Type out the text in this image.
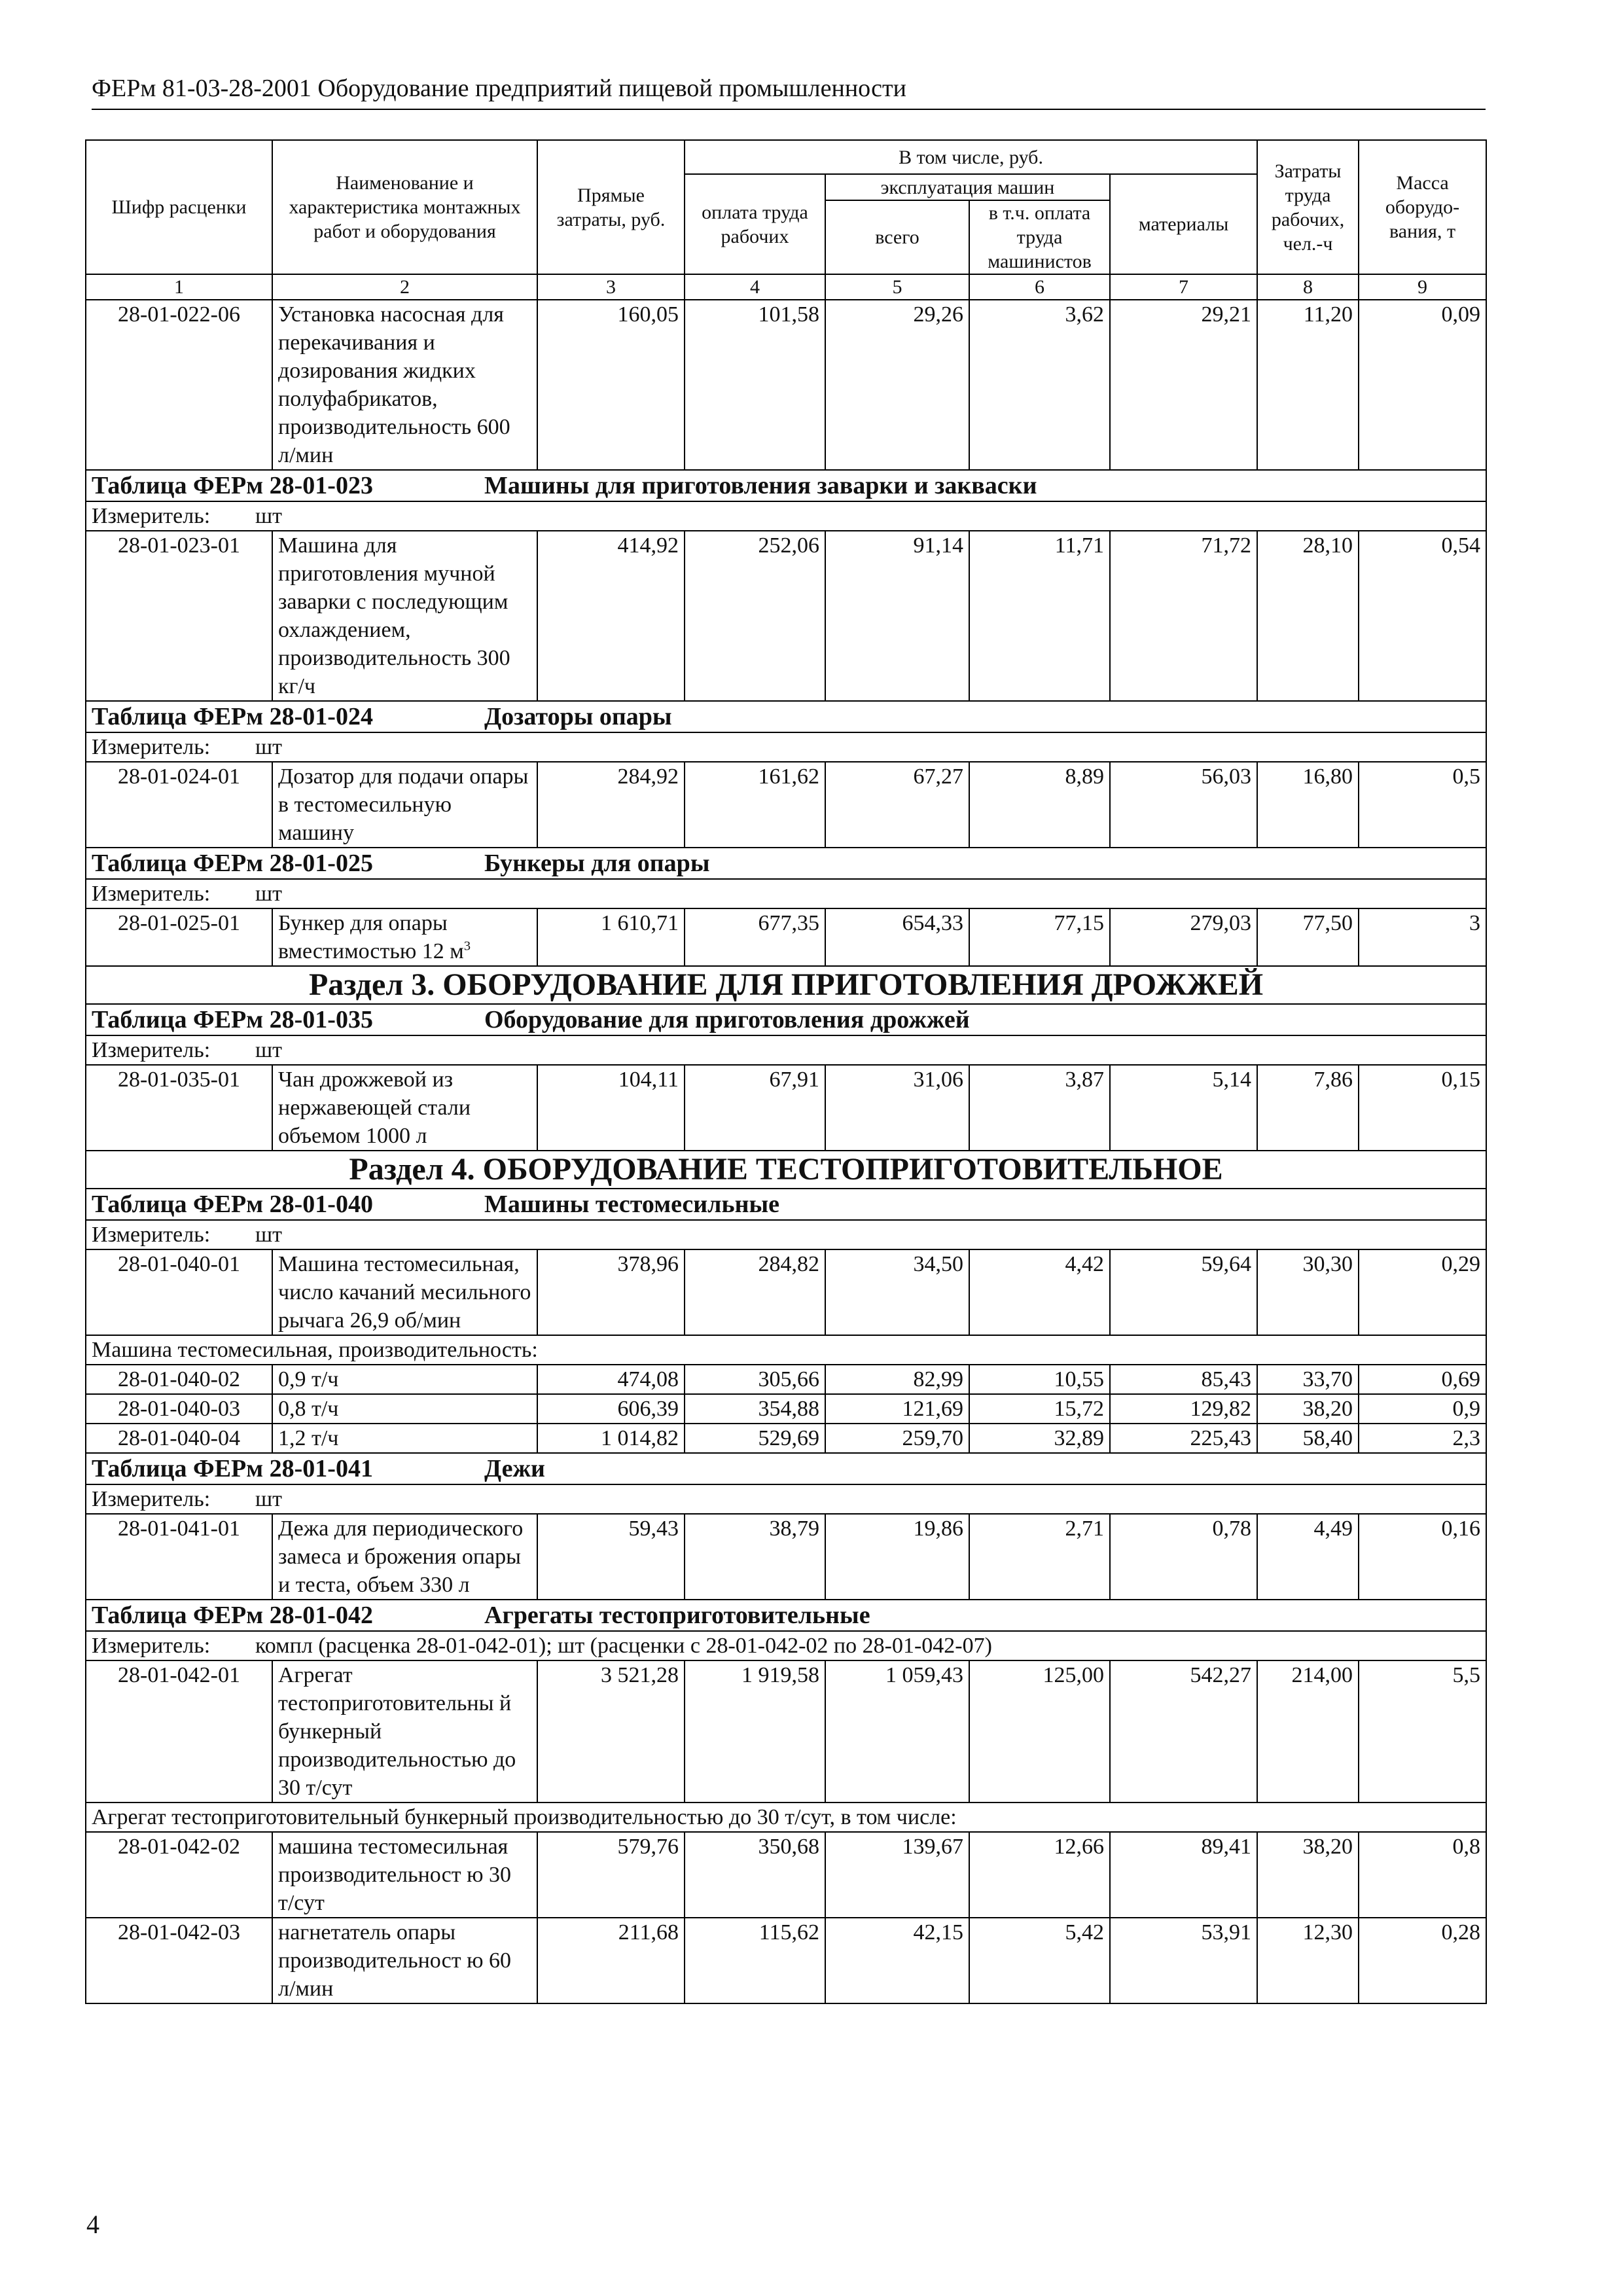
ФЕРм 81-03-28-2001 Оборудование предприятий пищевой промышленности
Шифр расценки	Наименование и характеристика монтажных работ и оборудования	Прямые затраты, руб.	В том числе, руб.				Затраты труда рабочих, чел.-ч	Масса оборудо-вания, т
			оплата труда рабочих	эксплуатация машин		материалы		
				всего	в т.ч. оплата труда машинистов			
1	2	3	4	5	6	7	8	9
28-01-022-06	Установка насосная для перекачивания и дозирования жидких полуфабрикатов, производительность 600 л/мин	160,05	101,58	29,26	3,62	29,21	11,20	0,09
Таблица ФЕРм 28-01-023 Машины для приготовления заварки и закваски								
Измеритель: шт								
28-01-023-01	Машина для приготовления мучной заварки с последующим охлаждением, производительность 300 кг/ч	414,92	252,06	91,14	11,71	71,72	28,10	0,54
Таблица ФЕРм 28-01-024 Дозаторы опары								
Измеритель: шт								
28-01-024-01	Дозатор для подачи опары в тестомесильную машину	284,92	161,62	67,27	8,89	56,03	16,80	0,5
Таблица ФЕРм 28-01-025 Бункеры для опары								
Измеритель: шт								
28-01-025-01	Бункер для опары вместимостью 12 $м^3$	1 610,71	677,35	654,33	77,15	279,03	77,50	3
Раздел 3. ОБОРУДОВАНИЕ ДЛЯ ПРИГОТОВЛЕНИЯ ДРОЖЖЕЙ								
Таблица ФЕРм 28-01-035 Оборудование для приготовления дрожжей								
Измеритель: шт								
28-01-035-01	Чан дрожжевой из нержавеющей стали объемом 1000 л	104,11	67,91	31,06	3,87	5,14	7,86	0,15
Раздел 4. ОБОРУДОВАНИЕ ТЕСТОПРИГОТОВИТЕЛЬНОЕ								
Таблица ФЕРм 28-01-040 Машины тестомесильные								
Измеритель: шт								
28-01-040-01	Машина тестомесильная, число качаний месильного рычага 26,9 об/мин	378,96	284,82	34,50	4,42	59,64	30,30	0,29
Машина тестомесильная, производительность:								
28-01-040-02	0,9 т/ч	474,08	305,66	82,99	10,55	85,43	33,70	0,69
28-01-040-03	0,8 т/ч	606,39	354,88	121,69	15,72	129,82	38,20	0,9
28-01-040-04	1,2 т/ч	1 014,82	529,69	259,70	32,89	225,43	58,40	2,3
Таблица ФЕРм 28-01-041 Дежи								
Измеритель: шт								
28-01-041-01	Дежа для периодического замеса и брожения опары и теста, объем 330 л	59,43	38,79	19,86	2,71	0,78	4,49	0,16
Таблица ФЕРм 28-01-042 Агрегаты тестоприготовительные								
Измеритель: компл (расценка 28-01-042-01); шт (расценки с 28-01-042-02 по 28-01-042-07)								
28-01-042-01	Агрегат тестоприготовительны й бункерный производительностью до 30 т/сут	3 521,28	1 919,58	1 059,43	125,00	542,27	214,00	5,5
Агрегат тестоприготовительный бункерный производительностью до 30 т/сут, в том числе:								
28-01-042-02	машина тестомесильная производительност ю 30 т/сут	579,76	350,68	139,67	12,66	89,41	38,20	0,8
28-01-042-03	нагнетатель опары производительност ю 60 л/мин	211,68	115,62	42,15	5,42	53,91	12,30	0,28
4
